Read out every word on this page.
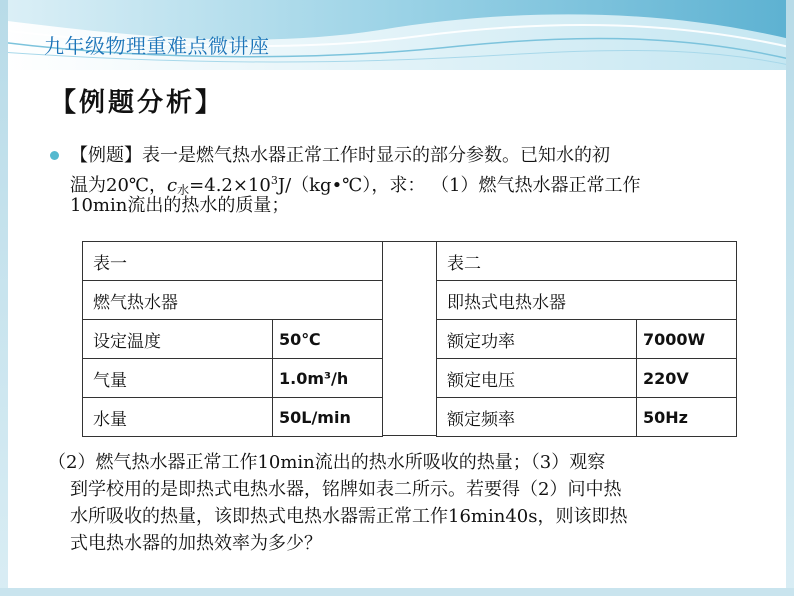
九年级物理重难点微讲座
【例题分析】
【例题】表一是燃气热水器正常工作时显示的部分参数。已知水的初
温为20℃，$c_水=4.2\times 10^3J/(kg•℃)$，求： （1）燃气热水器正常工作
10min流出的热水的质量；
表一	
燃气热水器	
设定温度	50℃
气量	1.0m³/h
水量	50L/min
表二	
即热式电热水器	
额定功率	7000W
额定电压	220V
额定频率	50Hz
（2）燃气热水器正常工作10min流出的热水所吸收的热量；（3）观察
到学校用的是即热式电热水器，铭牌如表二所示。若要得（2）问中热
水所吸收的热量，该即热式电热水器需正常工作16min40s，则该即热
式电热水器的加热效率为多少？
